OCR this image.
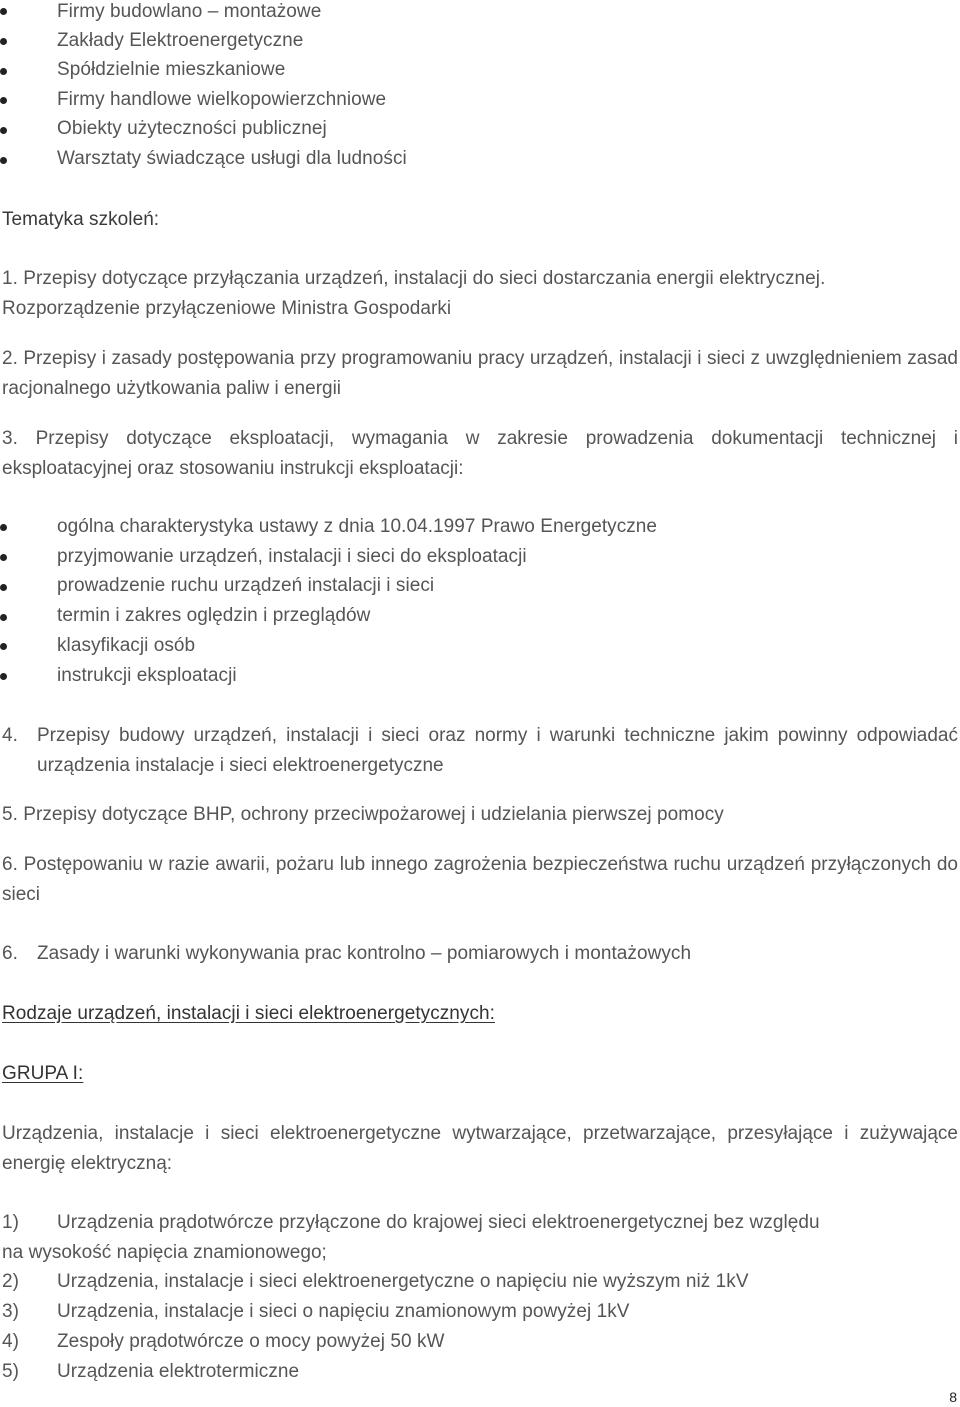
Firmy budowlano – montażowe

Zakłady Elektroenergetyczne

Spółdzielnie mieszkaniowe

Firmy handlowe wielkopowierzchniowe

Obiekty użyteczności publicznej

Warsztaty świadczące usługi dla ludności

Tematyka szkoleń:

1. Przepisy dotyczące przyłączania urządzeń, instalacji do sieci dostarczania energii elektrycznej.

Rozporządzenie przyłączeniowe Ministra Gospodarki

2. Przepisy i zasady postępowania przy programowaniu pracy urządzeń, instalacji i sieci z uwzględnieniem zasad racjonalnego użytkowania paliw i energii

3. Przepisy dotyczące eksploatacji, wymagania w zakresie prowadzenia dokumentacji technicznej i eksploatacyjnej oraz stosowaniu instrukcji eksploatacji:

ogólna charakterystyka ustawy z dnia 10.04.1997 Prawo Energetyczne

przyjmowanie urządzeń, instalacji i sieci do eksploatacji

prowadzenie ruchu urządzeń instalacji i sieci

termin i zakres oględzin i przeglądów

klasyfikacji osób

instrukcji eksploatacji

4. Przepisy budowy urządzeń, instalacji i sieci oraz normy i warunki techniczne jakim powinny odpowiadać urządzenia instalacje i sieci elektroenergetyczne

5. Przepisy dotyczące BHP, ochrony przeciwpożarowej i udzielania pierwszej pomocy

6. Postępowaniu w razie awarii, pożaru lub innego zagrożenia bezpieczeństwa ruchu urządzeń przyłączonych do sieci

6. Zasady i warunki wykonywania prac kontrolno – pomiarowych i montażowych

Rodzaje urządzeń, instalacji i sieci elektroenergetycznych:

GRUPA I:

Urządzenia, instalacje i sieci elektroenergetyczne wytwarzające, przetwarzające, przesyłające i zużywające energię elektryczną:

1) Urządzenia prądotwórcze przyłączone do krajowej sieci elektroenergetycznej bez względu

na wysokość napięcia znamionowego;

2) Urządzenia, instalacje i sieci elektroenergetyczne o napięciu nie wyższym niż 1kV

3) Urządzenia, instalacje i sieci o napięciu znamionowym powyżej 1kV

4) Zespoły prądotwórcze o mocy powyżej 50 kW

5) Urządzenia elektrotermiczne

8
